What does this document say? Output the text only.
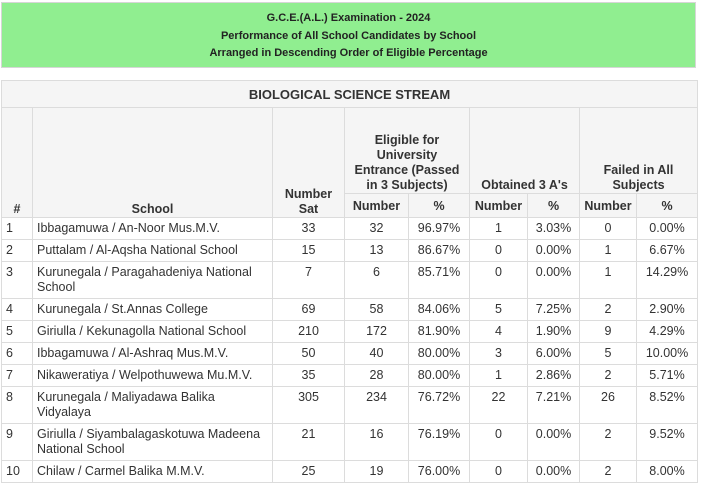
G.C.E.(A.L.) Examination - 2024
Performance of All School Candidates by School
Arranged in Descending Order of Eligible Percentage
BIOLOGICAL SCIENCE STREAM								
#	School	Number Sat	Eligible for University Entrance (Passed in 3 Subjects)		Obtained 3 A's		Failed in All Subjects	
			Number	%	Number	%	Number	%
1	Ibbagamuwa / An-Noor Mus.M.V.	33	32	96.97%	1	3.03%	0	0.00%
2	Puttalam / Al-Aqsha National School	15	13	86.67%	0	0.00%	1	6.67%
3	Kurunegala / Paragahadeniya National School	7	6	85.71%	0	0.00%	1	14.29%
4	Kurunegala / St.Annas College	69	58	84.06%	5	7.25%	2	2.90%
5	Giriulla / Kekunagolla National School	210	172	81.90%	4	1.90%	9	4.29%
6	Ibbagamuwa / Al-Ashraq Mus.M.V.	50	40	80.00%	3	6.00%	5	10.00%
7	Nikaweratiya / Welpothuwewa Mu.M.V.	35	28	80.00%	1	2.86%	2	5.71%
8	Kurunegala / Maliyadawa Balika Vidyalaya	305	234	76.72%	22	7.21%	26	8.52%
9	Giriulla / Siyambalagaskotuwa Madeena National School	21	16	76.19%	0	0.00%	2	9.52%
10	Chilaw / Carmel Balika M.M.V.	25	19	76.00%	0	0.00%	2	8.00%
